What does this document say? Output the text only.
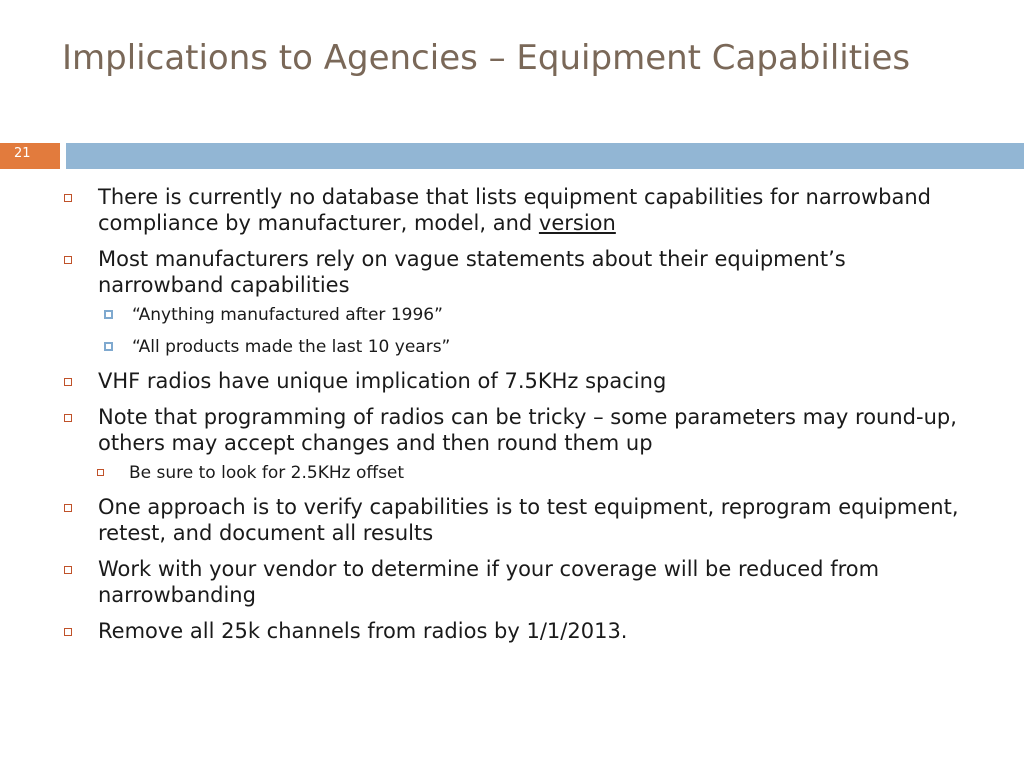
Implications to Agencies – Equipment Capabilities
21
There is currently no database that lists equipment capabilities for narrowband compliance by manufacturer, model, and version
Most manufacturers rely on vague statements about their equipment’s narrowband capabilities
“Anything manufactured after 1996”
“All products made the last 10 years”
VHF radios have unique implication of 7.5KHz spacing
Note that programming of radios can be tricky – some parameters may round-up, others may accept changes and then round them up
Be sure to look for 2.5KHz offset
One approach is to verify capabilities is to test equipment, reprogram equipment, retest, and document all results
Work with your vendor to determine if your coverage will be reduced from narrowbanding
Remove all 25k channels from radios by 1/1/2013.
